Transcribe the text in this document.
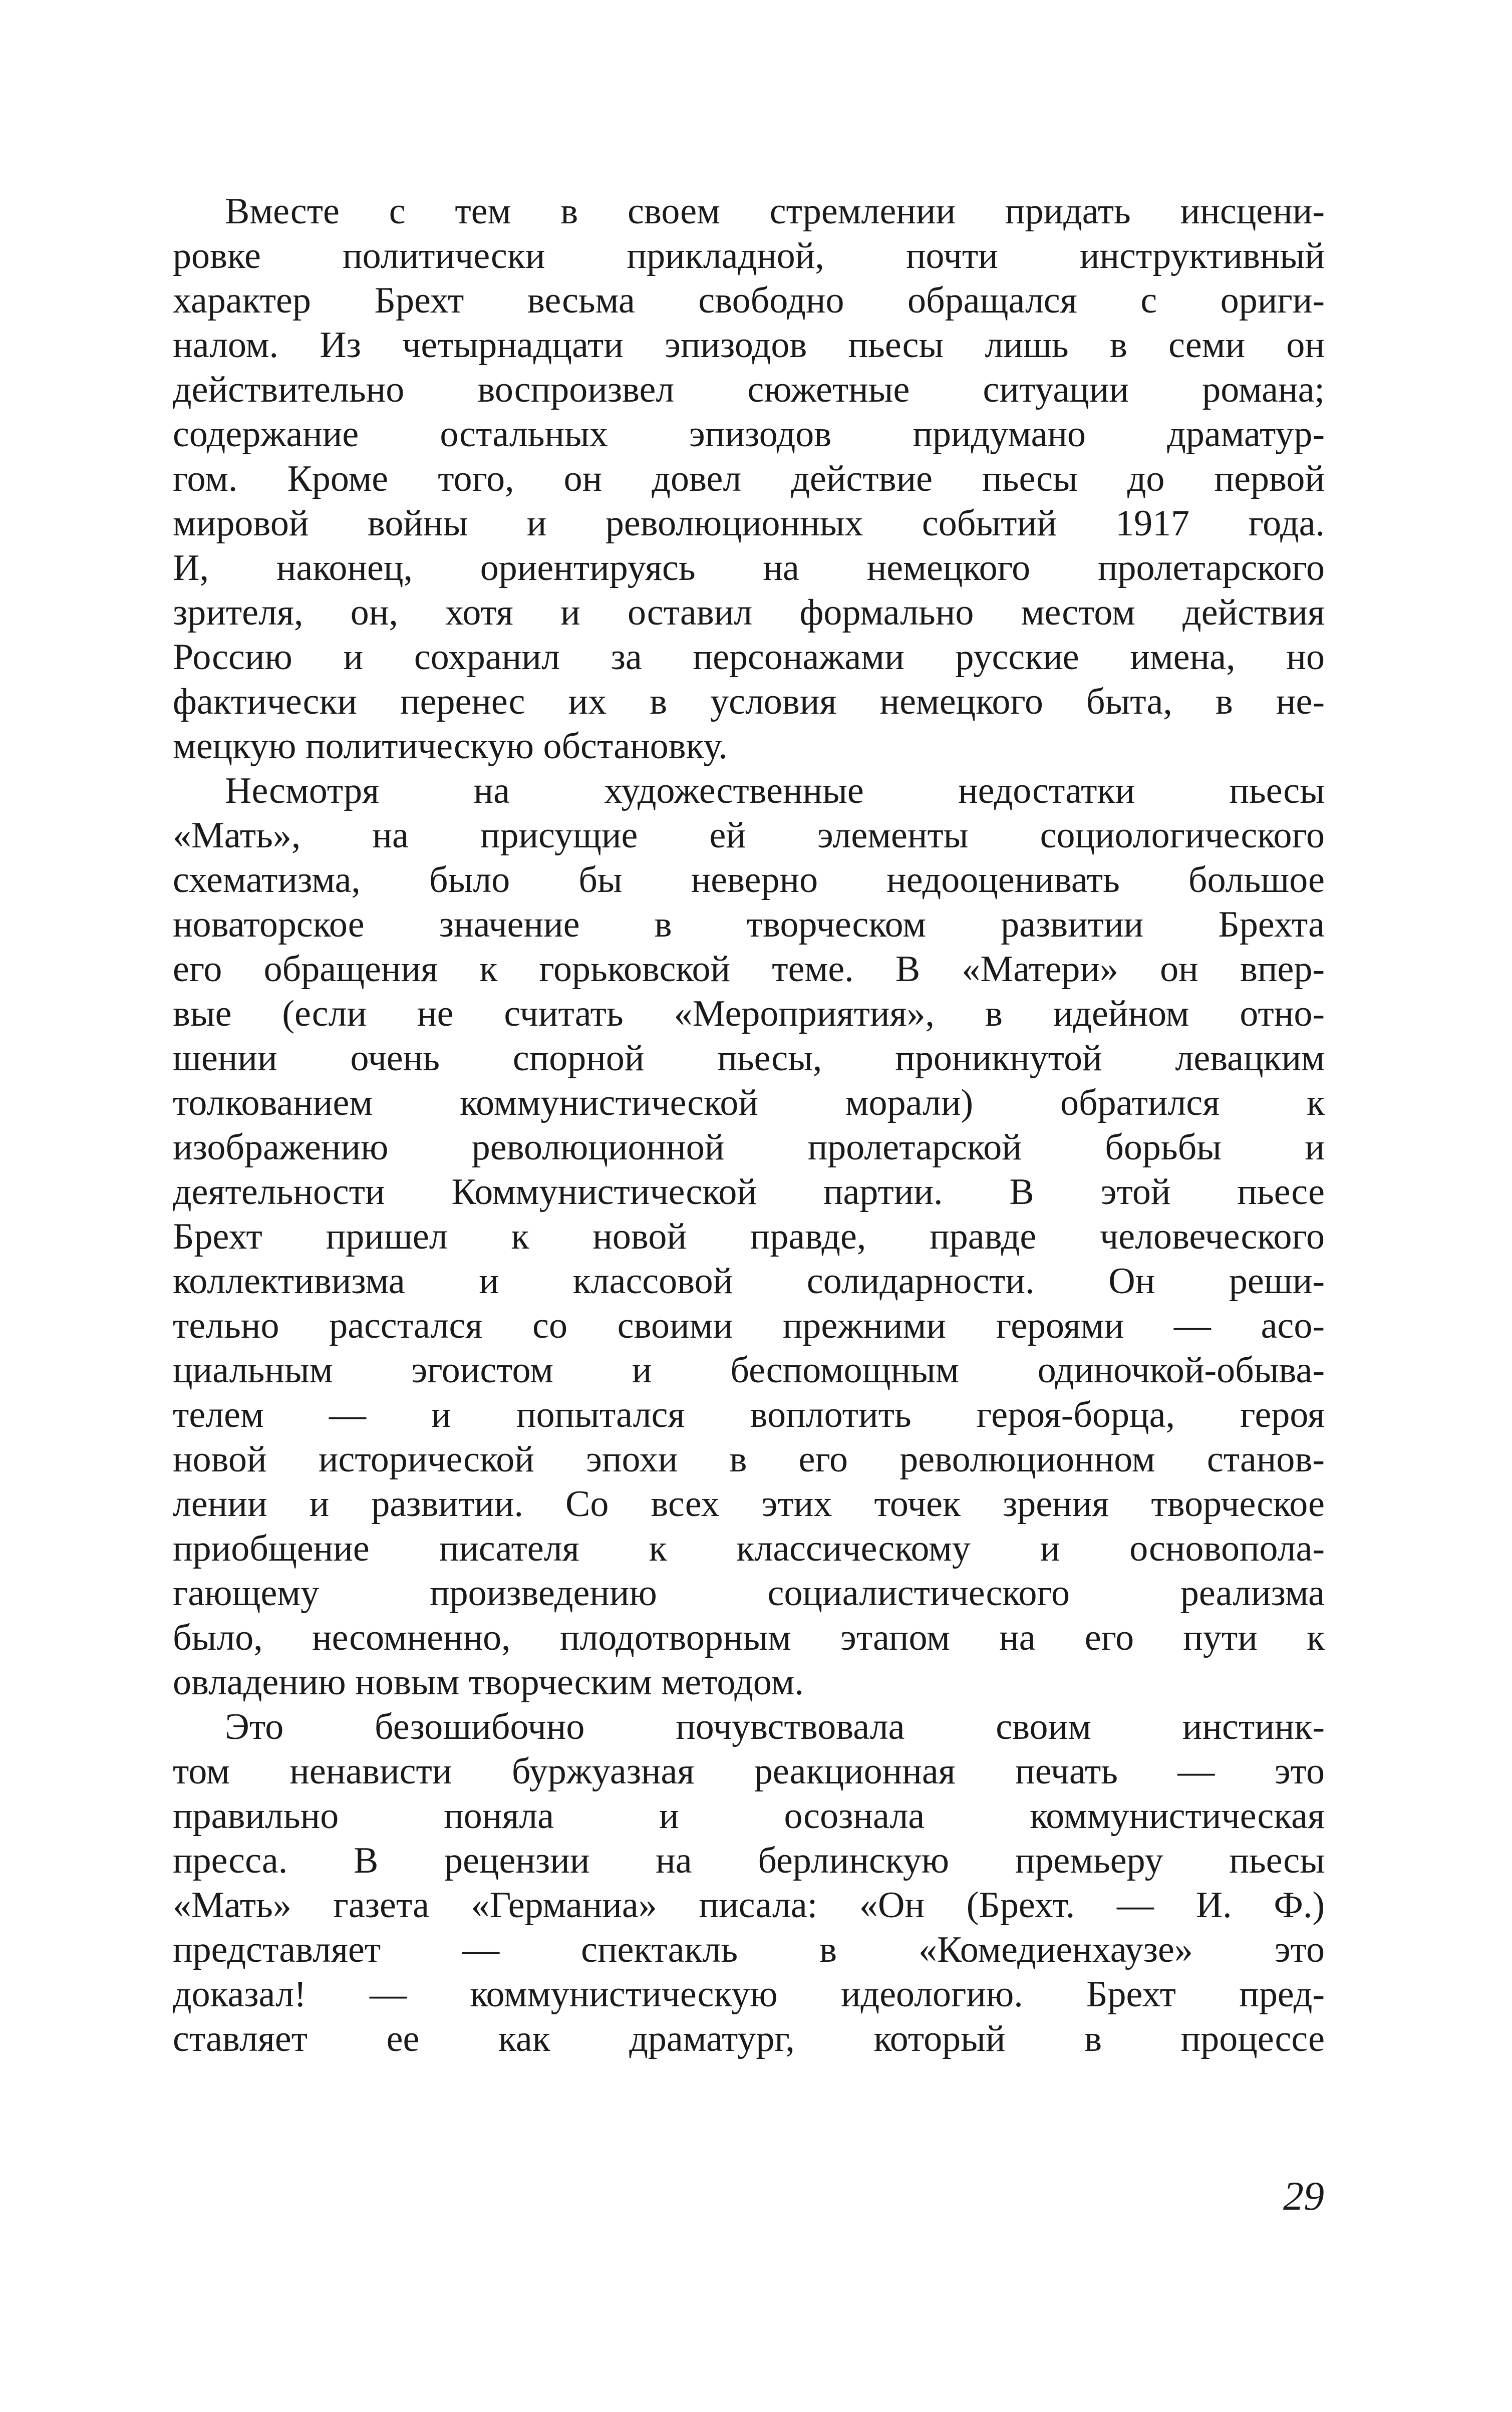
Вместе с тем в своем стремлении придать инсцени-
ровке политически прикладной, почти инструктивный
характер Брехт весьма свободно обращался с ориги-
налом. Из четырнадцати эпизодов пьесы лишь в семи он
действительно воспроизвел сюжетные ситуации романа;
содержание остальных эпизодов придумано драматур-
гом. Кроме того, он довел действие пьесы до первой
мировой войны и революционных событий 1917 года.
И, наконец, ориентируясь на немецкого пролетарского
зрителя, он, хотя и оставил формально местом действия
Россию и сохранил за персонажами русские имена, но
фактически перенес их в условия немецкого быта, в не-
мецкую политическую обстановку.
Несмотря на художественные недостатки пьесы
«Мать», на присущие ей элементы социологического
схематизма, было бы неверно недооценивать большое
новаторское значение в творческом развитии Брехта
его обращения к горьковской теме. В «Матери» он впер-
вые (если не считать «Мероприятия», в идейном отно-
шении очень спорной пьесы, проникнутой левацким
толкованием коммунистической морали) обратился к
изображению революционной пролетарской борьбы и
деятельности Коммунистической партии. В этой пьесе
Брехт пришел к новой правде, правде человеческого
коллективизма и классовой солидарности. Он реши-
тельно расстался со своими прежними героями — асо-
циальным эгоистом и беспомощным одиночкой-обыва-
телем — и попытался воплотить героя-борца, героя
новой исторической эпохи в его революционном станов-
лении и развитии. Со всех этих точек зрения творческое
приобщение писателя к классическому и основопола-
гающему произведению социалистического реализма
было, несомненно, плодотворным этапом на его пути к
овладению новым творческим методом.
Это безошибочно почувствовала своим инстинк-
том ненависти буржуазная реакционная печать — это
правильно поняла и осознала коммунистическая
пресса. В рецензии на берлинскую премьеру пьесы
«Мать» газета «Германиа» писала: «Он (Брехт. — И. Ф.)
представляет — спектакль в «Комедиенхаузе» это
доказал! — коммунистическую идеологию. Брехт пред-
ставляет ее как драматург, который в процессе
29
